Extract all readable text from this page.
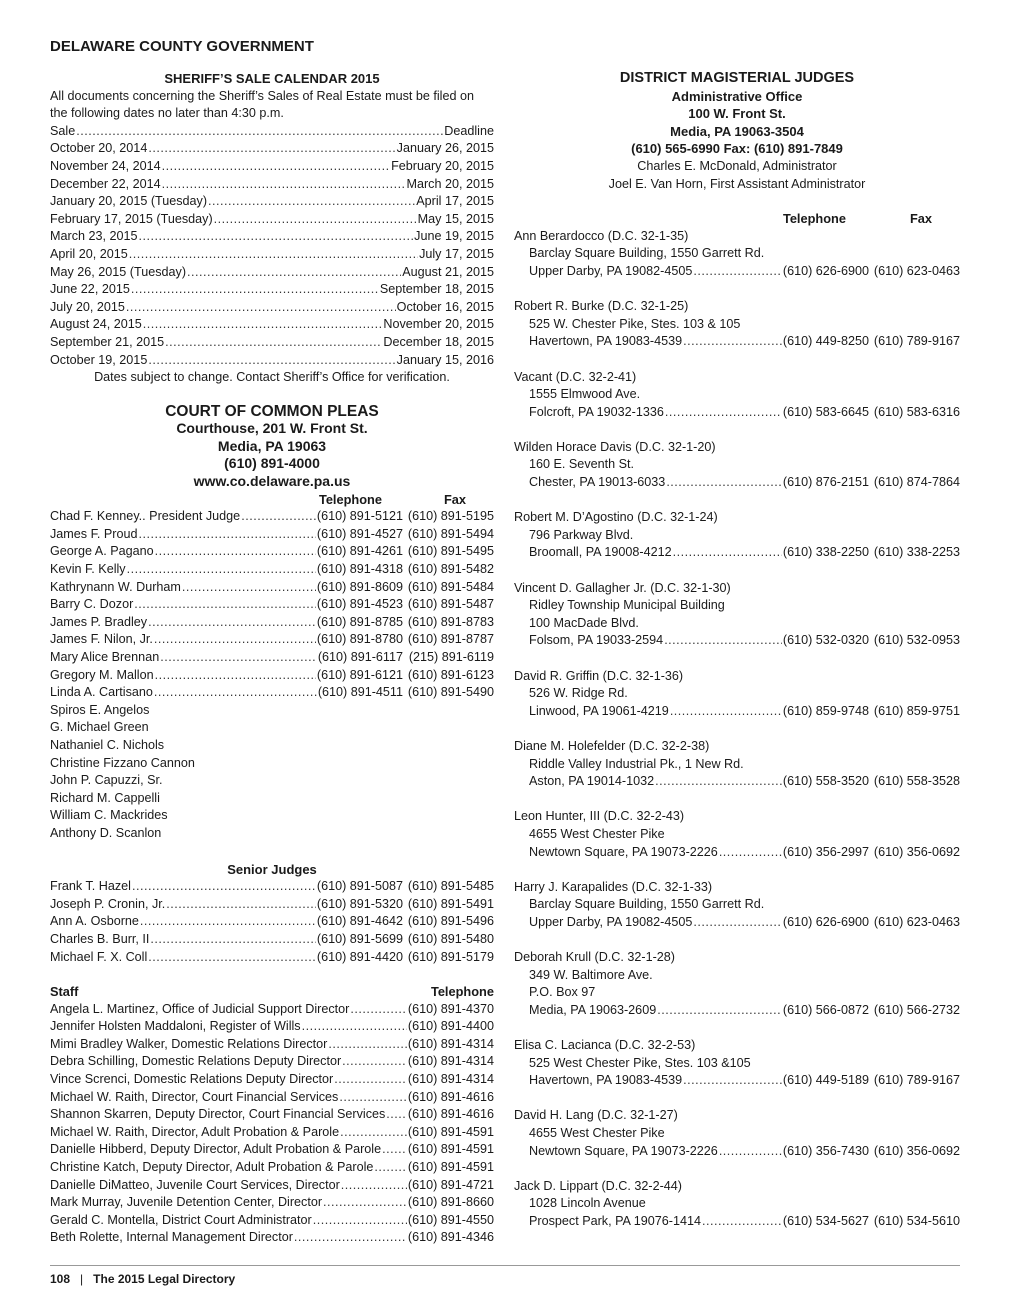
DELAWARE COUNTY GOVERNMENT
SHERIFF’S SALE CALENDAR 2015
All documents concerning the Sheriff’s Sales of Real Estate must be filed on
the following dates no later than 4:30 p.m.
Sale .....	Deadline
October 20, 2014 .....	January 26, 2015
November 24, 2014 .....	February 20, 2015
December 22, 2014 .....	March 20, 2015
January 20, 2015 (Tuesday) .....	April 17, 2015
February 17, 2015 (Tuesday) .....	May 15, 2015
March 23, 2015 .....	June 19, 2015
April 20, 2015 .....	July 17, 2015
May 26, 2015 (Tuesday) .....	August 21, 2015
June 22, 2015 .....	September 18, 2015
July 20, 2015 .....	October 16, 2015
August 24, 2015 .....	November 20, 2015
September 21, 2015 .....	December 18, 2015
October 19, 2015 .....	January 15, 2016
Dates subject to change. Contact Sheriff’s Office for verification.
COURT OF COMMON PLEAS
Courthouse, 201 W. Front St.
Media, PA 19063
(610) 891-4000
www.co.delaware.pa.us
Telephone	Fax
Chad F. Kenney.. President Judge .....	(610) 891-5121 (610) 891-5195
James F. Proud .....	(610) 891-4527 (610) 891-5494
George A. Pagano .....	(610) 891-4261 (610) 891-5495
Kevin F. Kelly .....	(610) 891-4318 (610) 891-5482
Kathrynann W. Durham .....	(610) 891-8609 (610) 891-5484
Barry C. Dozor .....	(610) 891-4523 (610) 891-5487
James P. Bradley .....	(610) 891-8785 (610) 891-8783
James F. Nilon, Jr. .....	(610) 891-8780 (610) 891-8787
Mary Alice Brennan .....	(610) 891-6117 (215) 891-6119
Gregory M. Mallon .....	(610) 891-6121 (610) 891-6123
Linda A. Cartisano .....	(610) 891-4511 (610) 891-5490
Spiros E. Angelos
G. Michael Green
Nathaniel C. Nichols
Christine Fizzano Cannon
John P. Capuzzi, Sr.
Richard M. Cappelli
William C. Mackrides
Anthony D. Scanlon
Senior Judges
Frank T. Hazel .....	(610) 891-5087 (610) 891-5485
Joseph P. Cronin, Jr. .....	(610) 891-5320 (610) 891-5491
Ann A. Osborne .....	(610) 891-4642 (610) 891-5496
Charles B. Burr, II .....	(610) 891-5699 (610) 891-5480
Michael F. X. Coll .....	(610) 891-4420 (610) 891-5179
Staff	Telephone
Angela L. Martinez, Office of Judicial Support Director .....	(610) 891-4370
Jennifer Holsten Maddaloni, Register of Wills .....	(610) 891-4400
Mimi Bradley Walker, Domestic Relations Director .....	(610) 891-4314
Debra Schilling, Domestic Relations Deputy Director .....	(610) 891-4314
Vince Screnci, Domestic Relations Deputy Director .....	(610) 891-4314
Michael W. Raith, Director, Court Financial Services .....	(610) 891-4616
Shannon Skarren, Deputy Director, Court Financial Services ..... (610) 891-4616
Michael W. Raith, Director, Adult Probation & Parole .....	(610) 891-4591
Danielle Hibberd, Deputy Director, Adult Probation & Parole ..... (610) 891-4591
Christine Katch, Deputy Director, Adult Probation & Parole .....	(610) 891-4591
Danielle DiMatteo, Juvenile Court Services, Director .....	(610) 891-4721
Mark Murray, Juvenile Detention Center, Director .....	(610) 891-8660
Gerald C. Montella, District Court Administrator .....	(610) 891-4550
Beth Rolette, Internal Management Director .....	(610) 891-4346
DISTRICT MAGISTERIAL JUDGES
Administrative Office
100 W. Front St.
Media, PA 19063-3504
(610) 565-6990 Fax: (610) 891-7849
Charles E. McDonald, Administrator
Joel E. Van Horn, First Assistant Administrator
Telephone	Fax
Ann Berardocco (D.C. 32-1-35)
Barclay Square Building, 1550 Garrett Rd.
Upper Darby, PA 19082-4505 .....	(610) 626-6900 (610) 623-0463
Robert R. Burke (D.C. 32-1-25)
525 W. Chester Pike, Stes. 103 & 105
Havertown, PA 19083-4539 .....	(610) 449-8250 (610) 789-9167
Vacant (D.C. 32-2-41)
1555 Elmwood Ave.
Folcroft, PA 19032-1336 .....	(610) 583-6645 (610) 583-6316
Wilden Horace Davis (D.C. 32-1-20)
160 E. Seventh St.
Chester, PA 19013-6033 .....	(610) 876-2151 (610) 874-7864
Robert M. D’Agostino (D.C. 32-1-24)
796 Parkway Blvd.
Broomall, PA 19008-4212 .....	(610) 338-2250 (610) 338-2253
Vincent D. Gallagher Jr. (D.C. 32-1-30)
Ridley Township Municipal Building
100 MacDade Blvd.
Folsom, PA 19033-2594 .....	(610) 532-0320 (610) 532-0953
David R. Griffin (D.C. 32-1-36)
526 W. Ridge Rd.
Linwood, PA 19061-4219 .....	(610) 859-9748 (610) 859-9751
Diane M. Holefelder (D.C. 32-2-38)
Riddle Valley Industrial Pk., 1 New Rd.
Aston, PA 19014-1032 .....	(610) 558-3520 (610) 558-3528
Leon Hunter, III (D.C. 32-2-43)
4655 West Chester Pike
Newtown Square, PA 19073-2226 .....	(610) 356-2997 (610) 356-0692
Harry J. Karapalides (D.C. 32-1-33)
Barclay Square Building, 1550 Garrett Rd.
Upper Darby, PA 19082-4505 .....	(610) 626-6900 (610) 623-0463
Deborah Krull (D.C. 32-1-28)
349 W. Baltimore Ave.
P.O. Box 97
Media, PA 19063-2609 .....	(610) 566-0872 (610) 566-2732
Elisa C. Lacianca (D.C. 32-2-53)
525 West Chester Pike, Stes. 103 &105
Havertown, PA 19083-4539 .....	(610) 449-5189 (610) 789-9167
David H. Lang (D.C. 32-1-27)
4655 West Chester Pike
Newtown Square, PA 19073-2226 .....	(610) 356-7430 (610) 356-0692
Jack D. Lippart (D.C. 32-2-44)
1028 Lincoln Avenue
Prospect Park, PA 19076-1414 .....	(610) 534-5627 (610) 534-5610
108 | The 2015 Legal Directory
